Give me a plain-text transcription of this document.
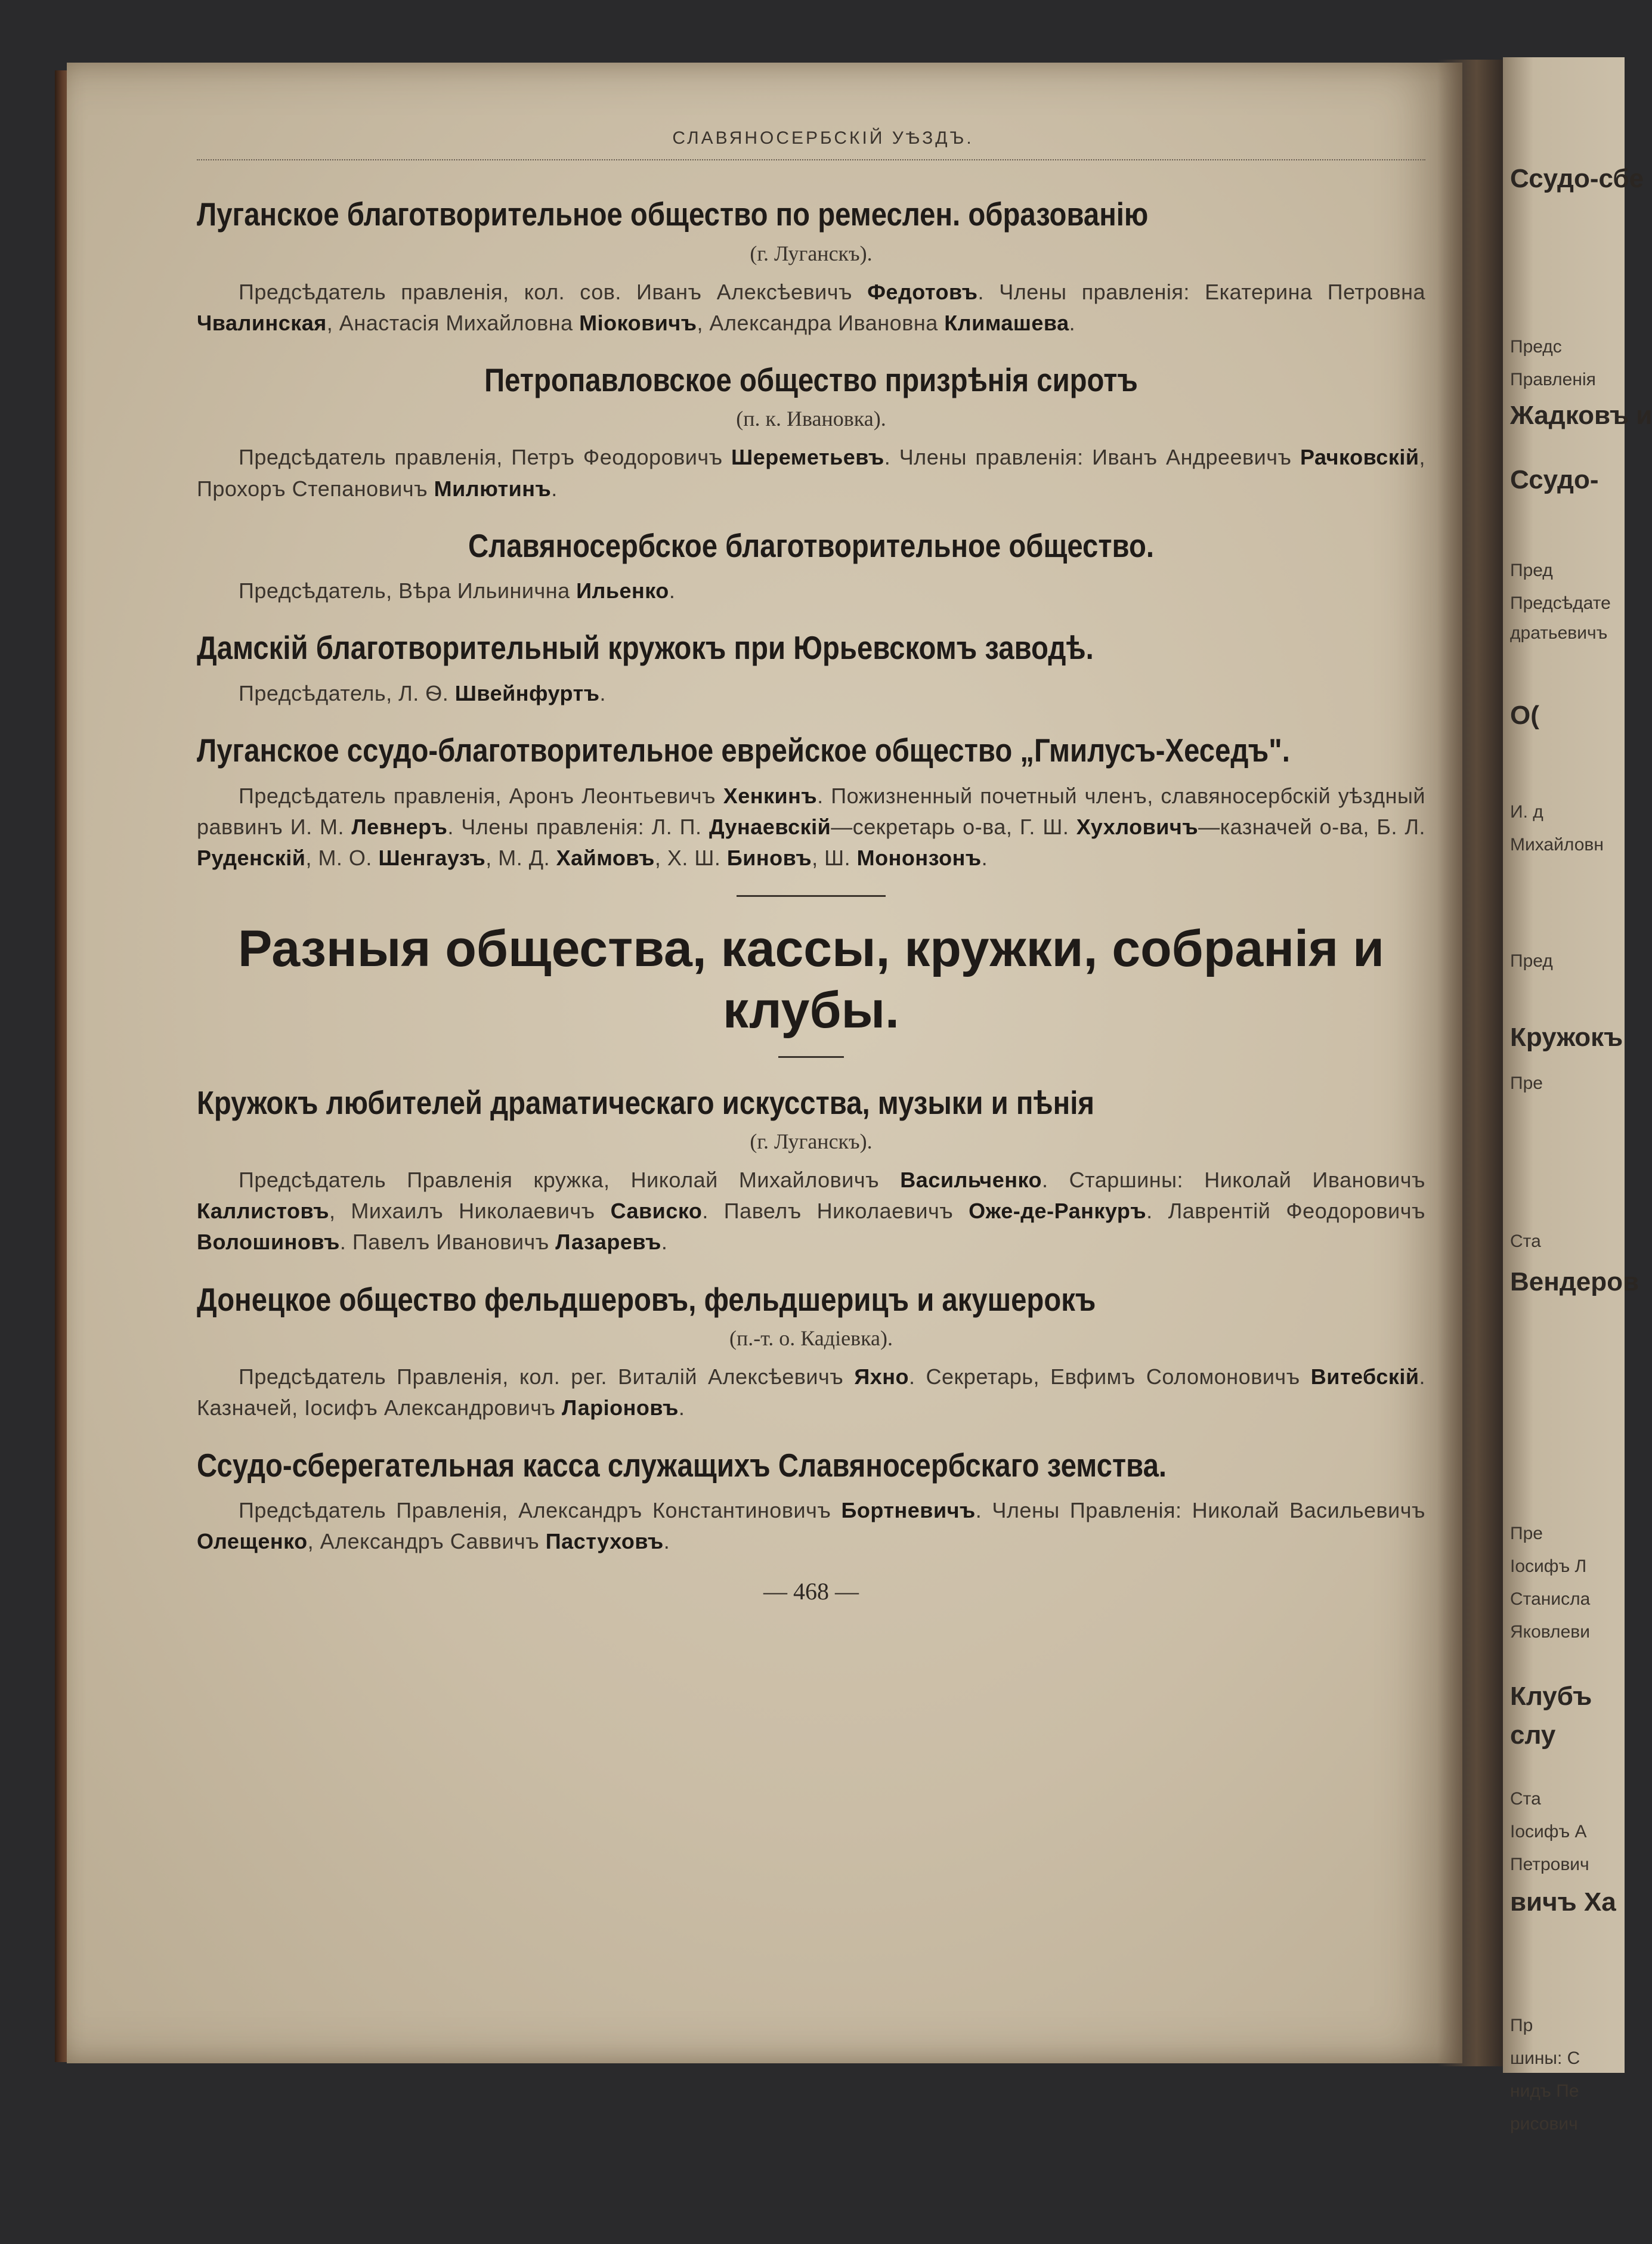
Ссудо-сбе
Предс
Правленія
Жадковъ и
Ссудо-
Пред
Предсѣдате
дратьевичъ
О(
И. д
Михайловн
Пред
Кружокъ
Пре
Ста
Вендеров
Пре
Іосифъ Л
Станисла
Яковлеви
Клубъ
слу
Ста
Іосифъ А
Петрович
вичъ Ха
Пр
шины: С
нидъ Пе
рисович
СЛАВЯНОСЕРБСКІЙ УѢЗДЪ.
Луганское благотворительное общество по ремеслен. образованію
(г. Луганскъ).
Предсѣдатель правленія, кол. сов. Иванъ Алексѣевичъ Федотовъ. Члены правленія: Екатерина Петровна Чвалинская, Анастасія Михайловна Міоковичъ, Александра Ивановна Климашева.
Петропавловское общество призрѣнія сиротъ
(п. к. Ивановка).
Предсѣдатель правленія, Петръ Феодоровичъ Шереметьевъ. Члены правленія: Иванъ Андреевичъ Рачковскій, Прохоръ Степановичъ Милютинъ.
Славяносербское благотворительное общество.
Предсѣдатель, Вѣра Ильинична Ильенко.
Дамскій благотворительный кружокъ при Юрьевскомъ заводѣ.
Предсѣдатель, Л. Ѳ. Швейнфуртъ.
Луганское ссудо-благотворительное еврейское общество „Гмилусъ-Хеседъ".
Предсѣдатель правленія, Аронъ Леонтьевичъ Хенкинъ. Пожизненный почетный членъ, славяносербскій уѣздный раввинъ И. М. Левнеръ. Члены правленія: Л. П. Дунаевскій—секретарь о-ва, Г. Ш. Хухловичъ—казначей о-ва, Б. Л. Руденскій, М. О. Шенгаузъ, М. Д. Хаймовъ, Х. Ш. Биновъ, Ш. Мононзонъ.
Разныя общества, кассы, кружки, собранія и клубы.
Кружокъ любителей драматическаго искусства, музыки и пѣнія
(г. Луганскъ).
Предсѣдатель Правленія кружка, Николай Михайловичъ Васильченко. Старшины: Николай Ивановичъ Каллистовъ, Михаилъ Николаевичъ Сависко. Павелъ Николаевичъ Оже-де-Ранкуръ. Лаврентій Феодоровичъ Волошиновъ. Павелъ Ивановичъ Лазаревъ.
Донецкое общество фельдшеровъ, фельдшерицъ и акушерокъ
(п.-т. о. Кадіевка).
Предсѣдатель Правленія, кол. рег. Виталій Алексѣевичъ Яхно. Секретарь, Евфимъ Соломоновичъ Витебскій. Казначей, Іосифъ Александровичъ Ларіоновъ.
Ссудо-сберегательная касса служащихъ Славяносербскаго земства.
Предсѣдатель Правленія, Александръ Константиновичъ Бортневичъ. Члены Правленія: Николай Васильевичъ Олещенко, Александръ Саввичъ Пастуховъ.
— 468 —
